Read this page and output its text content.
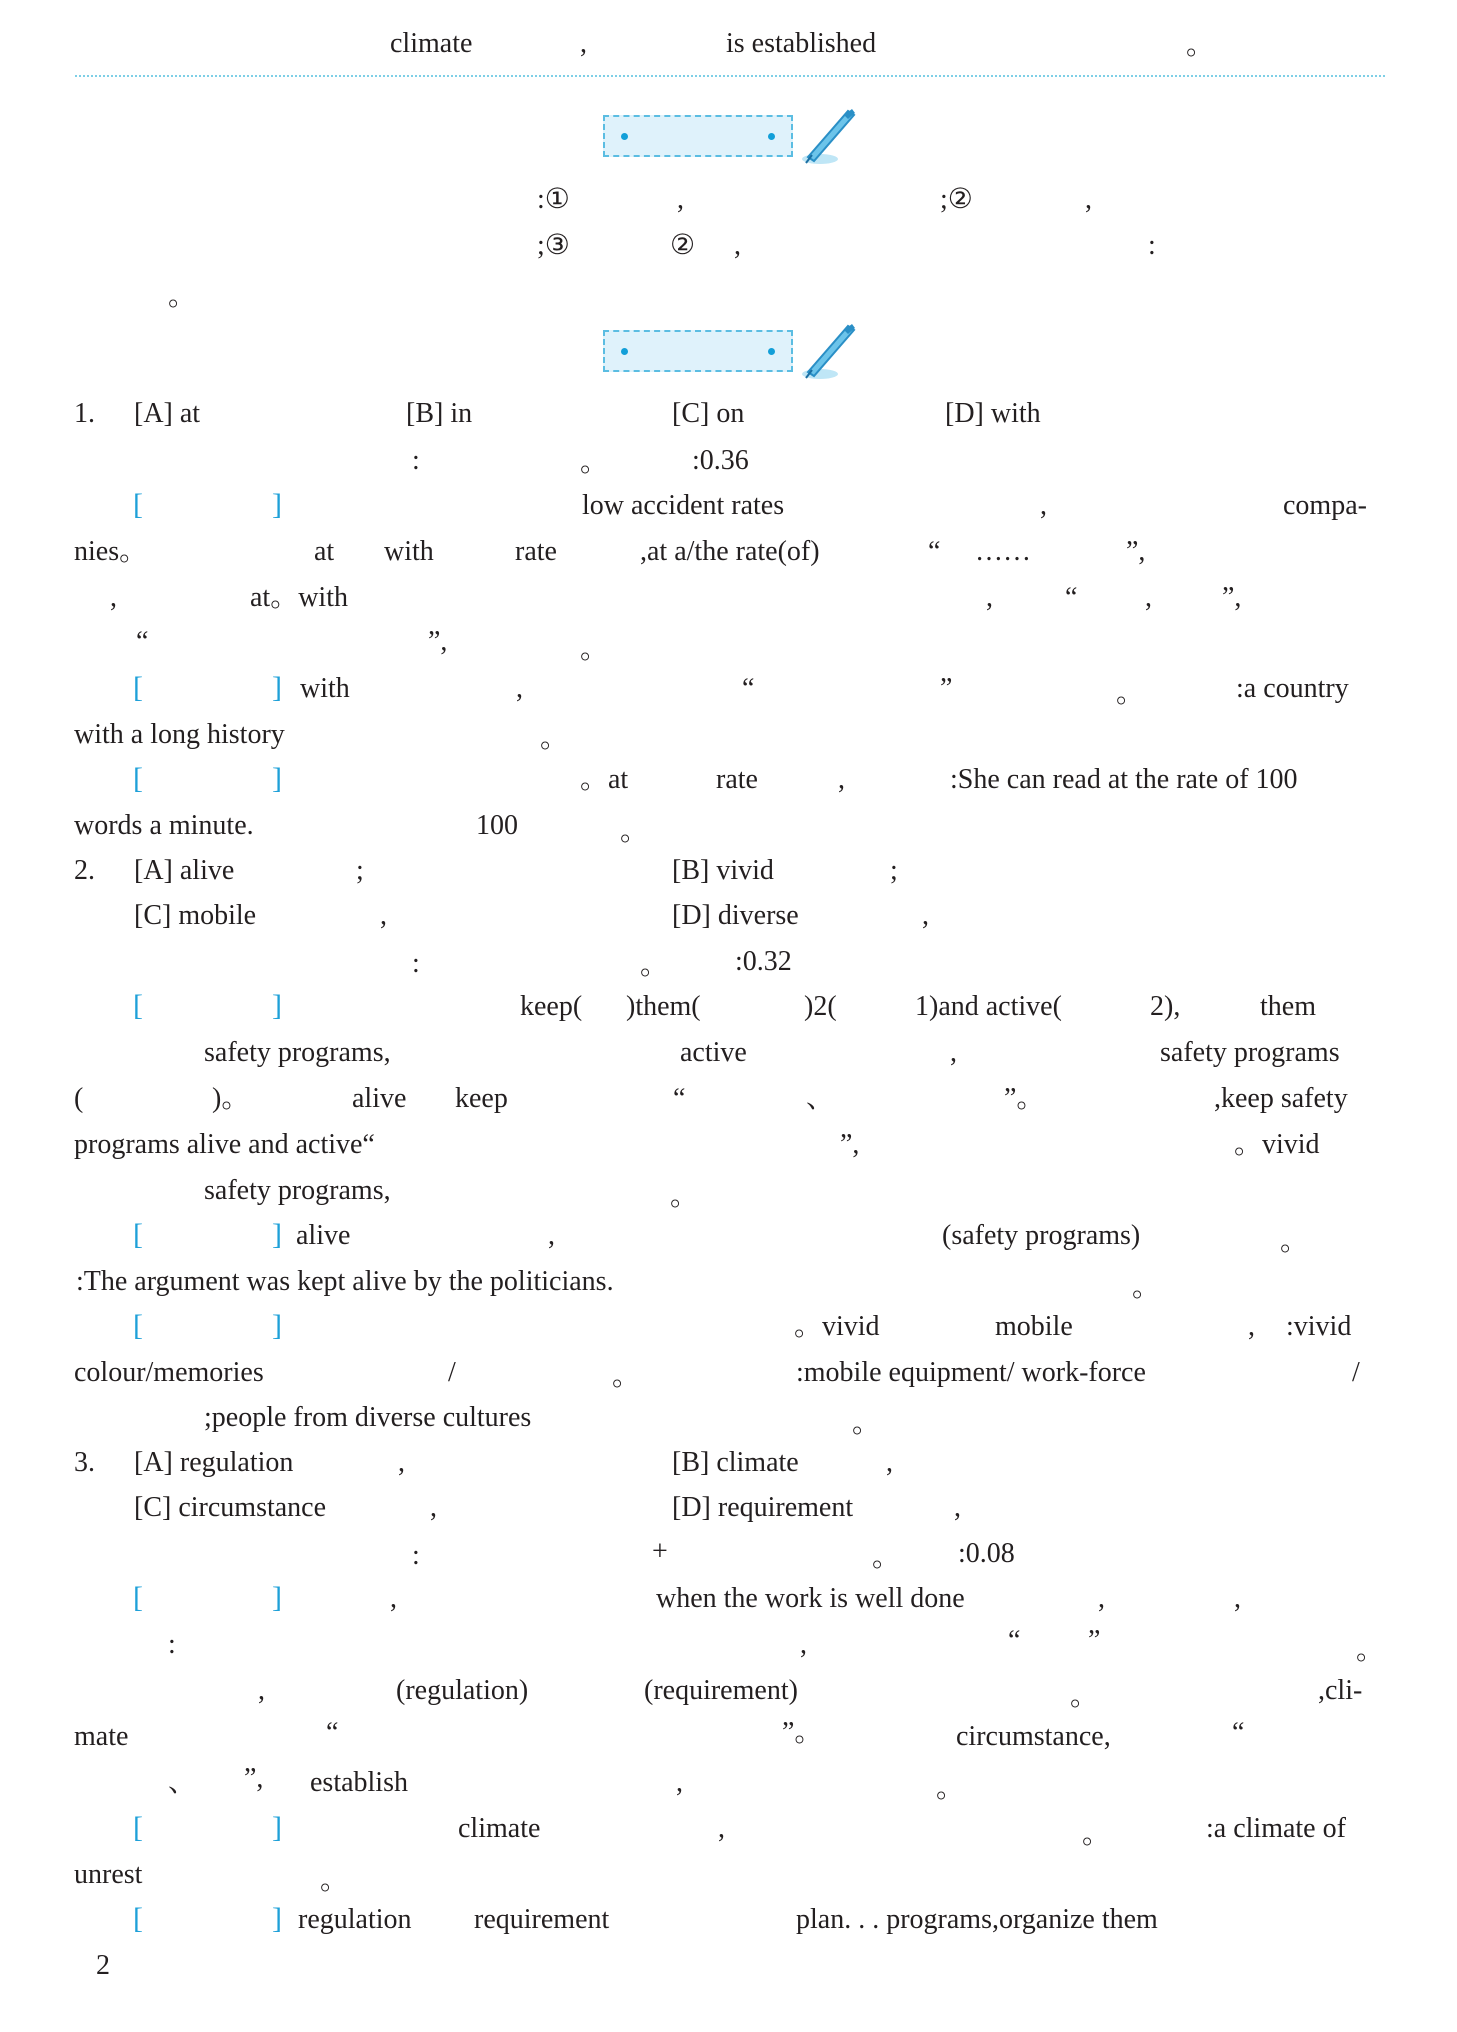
climate	,	is established	。
:①	,	;②	,
;③	② ,	:
。
1. [A] at	[B] in	[C] on	[D] with
:	。	:0.36
[	]	low accident rates	,	compa-
nies。	at with	rate	,at a/the rate(of)	“ ……	”,
,	at。with	,	“ ,	”,
“	”,	。
[	] with	,	“	”	。	:a country
with a long history	。
[	]	。at	rate	,	:She can read at the rate of 100
words a minute.	100	。
2. [A] alive	;	[B] vivid	;
[C] mobile	,	[D] diverse	,
:	。 :0.32
[	]	keep( )them(	)2(	1)and active(	2),	them
safety programs,	active	,	safety programs
(	)。	alive keep	“	、	”。	,keep safety
programs alive and active“	”,	。vivid
safety programs,	。
[	] alive	,	(safety programs)	。
:The argument was kept alive by the politicians.	。
[	]	。vivid	mobile	, :vivid
colour/memories	/	。	:mobile equipment/ work-force	/
;people from diverse cultures	。
3. [A] regulation	,	[B] climate	,
[C] circumstance	,	[D] requirement	,
:	+	。 :0.08
[	]	,	when the work is well done	,	,
:	,	“ ”	。
,	(regulation)	(requirement)	。	,cli-
mate	“	”。	circumstance,	“
、 ”, establish	,	。
[	]	climate	,	。	:a climate of
unrest	。
[	] regulation requirement	plan. . . programs,organize them
2
